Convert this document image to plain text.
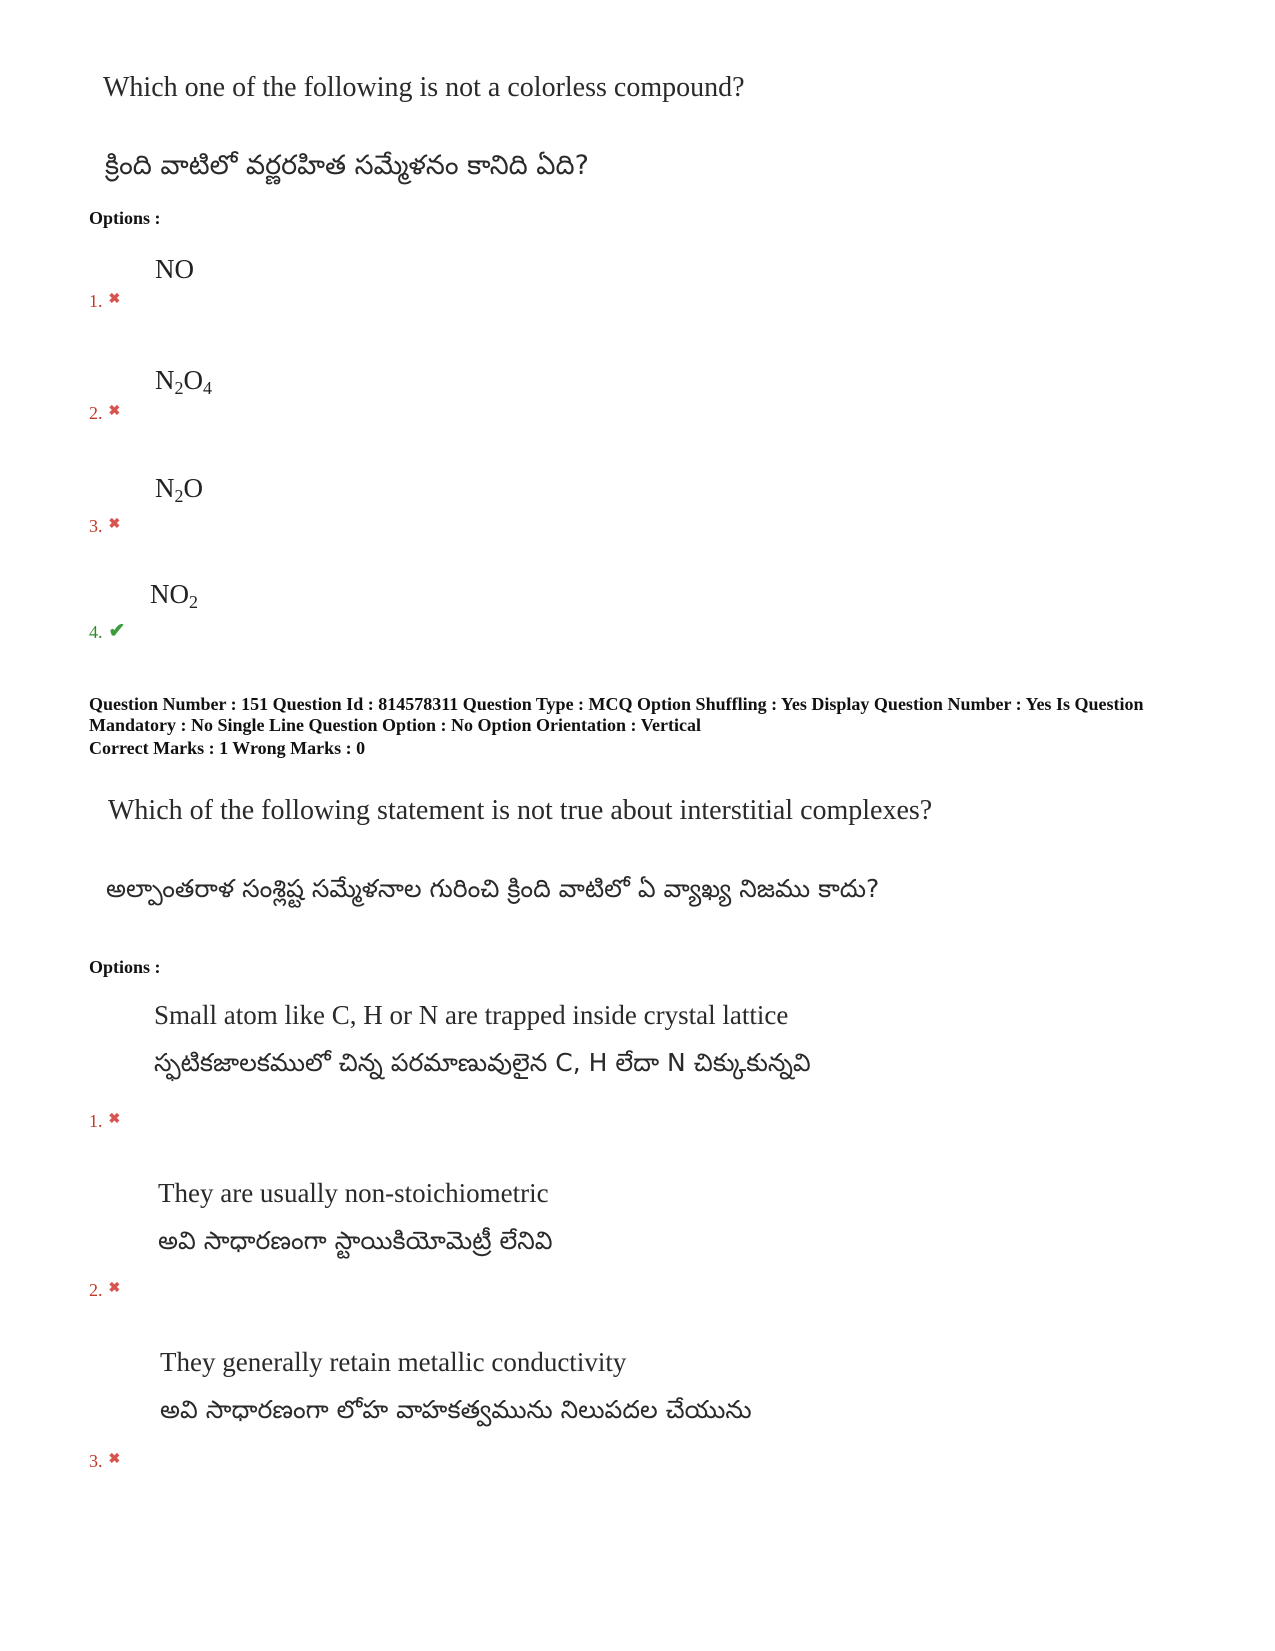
Which one of the following is not a colorless compound?
క్రింది వాటిలో వర్ణరహిత సమ్మేళనం కానిది ఏది?
Options :
NO
1. ✖
$N_2O_4$
2. ✖
$N_2O$
3. ✖
$NO_2$
4. ✔
Question Number : 151 Question Id : 814578311 Question Type : MCQ Option Shuffling : Yes Display Question Number : Yes Is Question Mandatory : No Single Line Question Option : No Option Orientation : Vertical
Correct Marks : 1 Wrong Marks : 0
Which of the following statement is not true about interstitial complexes?
అల్పాంతరాళ సంశ్లిష్ట సమ్మేళనాల గురించి క్రింది వాటిలో ఏ వ్యాఖ్య నిజము కాదు?
Options :
Small atom like C, H or N are trapped inside crystal lattice
స్ఫటికజాలకములో చిన్న పరమాణువులైన C, H లేదా N చిక్కుకున్నవి
1. ✖
They are usually non-stoichiometric
అవి సాధారణంగా స్టాయికియోమెట్రీ లేనివి
2. ✖
They generally retain metallic conductivity
అవి సాధారణంగా లోహ వాహకత్వమును నిలుపదల చేయును
3. ✖
